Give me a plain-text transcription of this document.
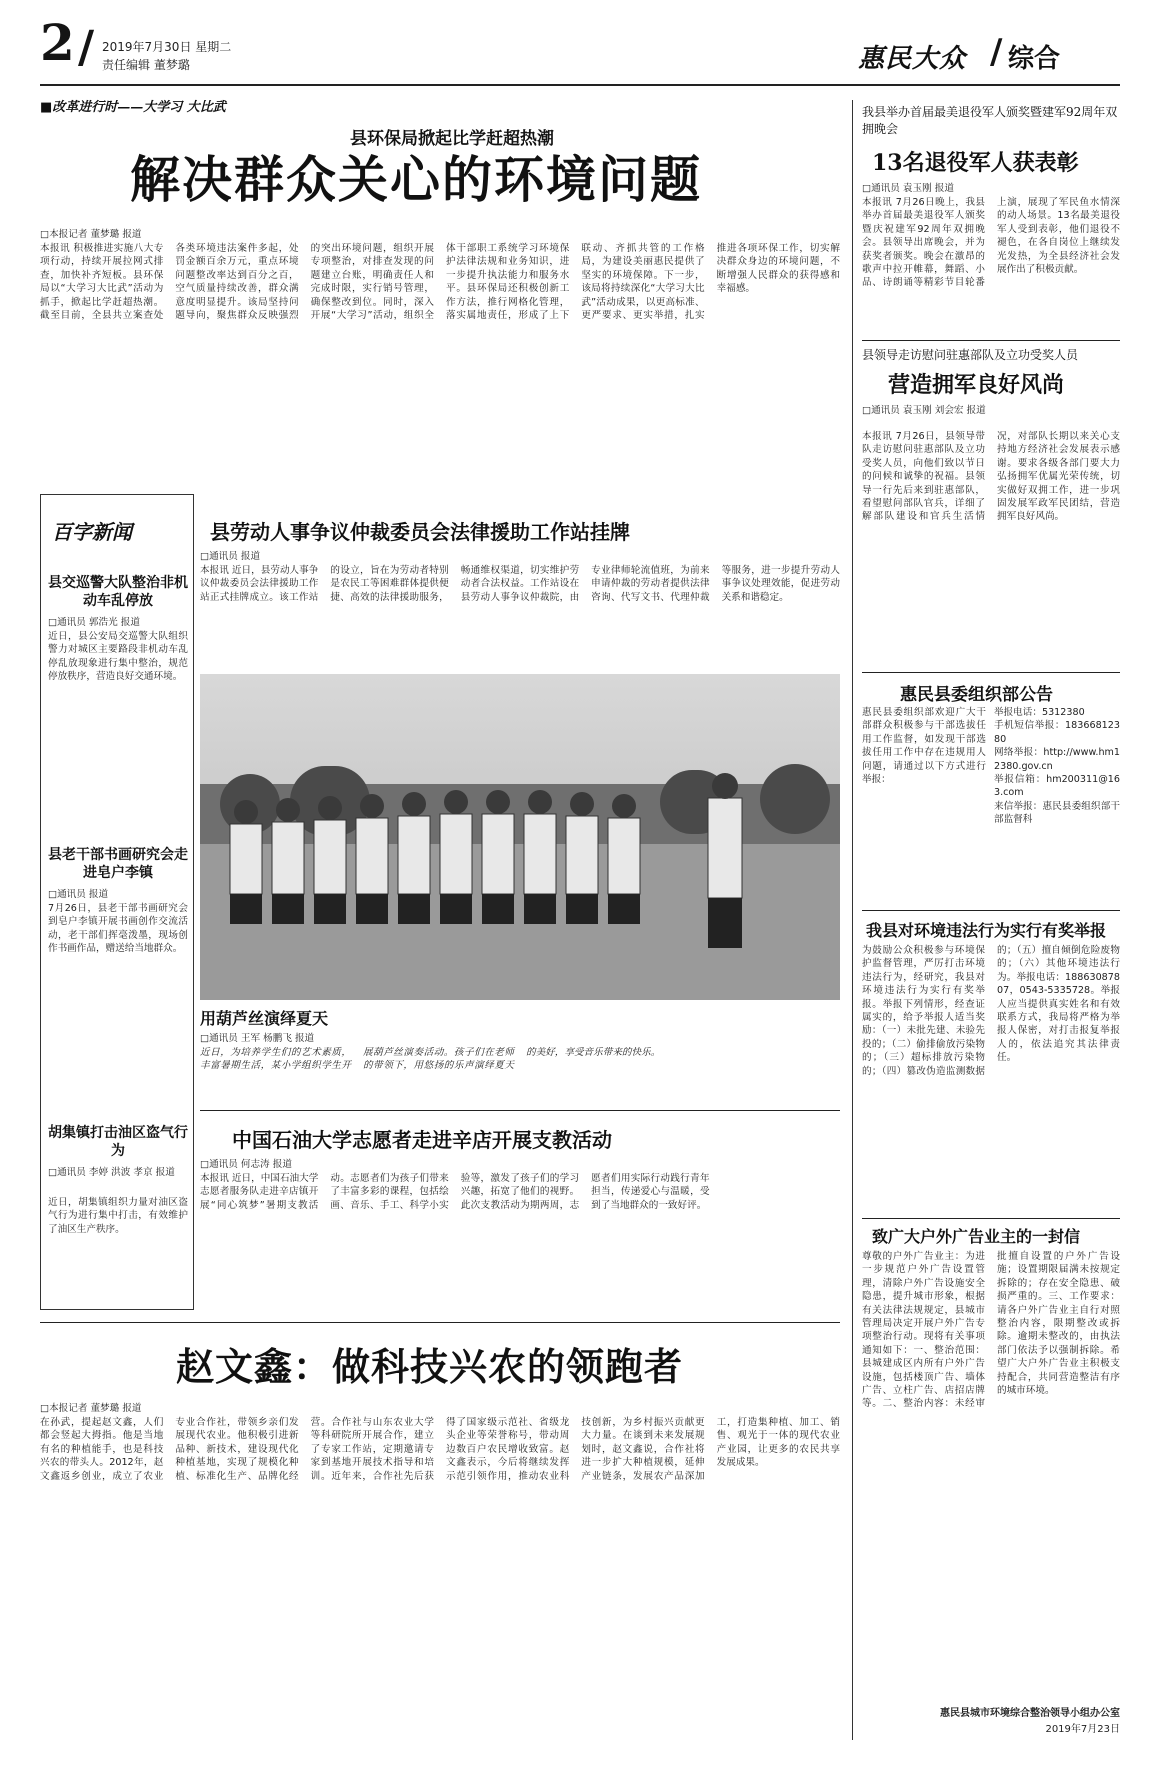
2 / 2019年7月30日 星期二
责任编辑 董梦璐	惠民大众 / 综合
■改革进行时——大学习 大比武
县环保局掀起比学赶超热潮
解决群众关心的环境问题
□本报记者 董梦璐 报道
本报讯 积极推进实施八大专项行动，持续开展拉网式排查，加快补齐短板。县环保局以“大学习大比武”活动为抓手，掀起比学赶超热潮。截至目前，全县共立案查处各类环境违法案件多起，处罚金额百余万元，重点环境问题整改率达到百分之百，空气质量持续改善，群众满意度明显提升。该局坚持问题导向，聚焦群众反映强烈的突出环境问题，组织开展专项整治，对排查发现的问题建立台账，明确责任人和完成时限，实行销号管理，确保整改到位。同时，深入开展“大学习”活动，组织全体干部职工系统学习环境保护法律法规和业务知识，进一步提升执法能力和服务水平。县环保局还积极创新工作方法，推行网格化管理，落实属地责任，形成了上下联动、齐抓共管的工作格局，为建设美丽惠民提供了坚实的环境保障。下一步，该局将持续深化“大学习大比武”活动成果，以更高标准、更严要求、更实举措，扎实推进各项环保工作，切实解决群众身边的环境问题，不断增强人民群众的获得感和幸福感。
我县举办首届最美退役军人颁奖暨建军92周年双拥晚会
13名退役军人获表彰
□通讯员 袁玉刚 报道
本报讯 7月26日晚上，我县举办首届最美退役军人颁奖暨庆祝建军92周年双拥晚会。县领导出席晚会，并为获奖者颁奖。晚会在激昂的歌声中拉开帷幕，舞蹈、小品、诗朗诵等精彩节目轮番上演，展现了军民鱼水情深的动人场景。13名最美退役军人受到表彰，他们退役不褪色，在各自岗位上继续发光发热，为全县经济社会发展作出了积极贡献。
县领导走访慰问驻惠部队及立功受奖人员
营造拥军良好风尚
□通讯员 袁玉刚 刘会宏 报道
本报讯 7月26日，县领导带队走访慰问驻惠部队及立功受奖人员，向他们致以节日的问候和诚挚的祝福。县领导一行先后来到驻惠部队，看望慰问部队官兵，详细了解部队建设和官兵生活情况，对部队长期以来关心支持地方经济社会发展表示感谢。要求各级各部门要大力弘扬拥军优属光荣传统，切实做好双拥工作，进一步巩固发展军政军民团结，营造拥军良好风尚。
惠民县委组织部公告
惠民县委组织部欢迎广大干部群众积极参与干部选拔任用工作监督，如发现干部选拔任用工作中存在违规用人问题，请通过以下方式进行举报：
举报电话：5312380
手机短信举报：18366812380
网络举报：http://www.hm12380.gov.cn
举报信箱：hm200311@163.com
来信举报：惠民县委组织部干部监督科
我县对环境违法行为实行有奖举报
为鼓励公众积极参与环境保护监督管理，严厉打击环境违法行为，经研究，我县对环境违法行为实行有奖举报。举报下列情形，经查证属实的，给予举报人适当奖励：（一）未批先建、未验先投的；（二）偷排偷放污染物的；（三）超标排放污染物的；（四）篡改伪造监测数据的；（五）擅自倾倒危险废物的；（六）其他环境违法行为。举报电话：18863087807，0543-5335728。举报人应当提供真实姓名和有效联系方式，我局将严格为举报人保密，对打击报复举报人的，依法追究其法律责任。
致广大户外广告业主的一封信
尊敬的户外广告业主：为进一步规范户外广告设置管理，清除户外广告设施安全隐患，提升城市形象，根据有关法律法规规定，县城市管理局决定开展户外广告专项整治行动。现将有关事项通知如下：一、整治范围：县城建成区内所有户外广告设施，包括楼顶广告、墙体广告、立柱广告、店招店牌等。二、整治内容：未经审批擅自设置的户外广告设施；设置期限届满未按规定拆除的；存在安全隐患、破损严重的。三、工作要求：请各户外广告业主自行对照整治内容，限期整改或拆除。逾期未整改的，由执法部门依法予以强制拆除。希望广大户外广告业主积极支持配合，共同营造整洁有序的城市环境。
惠民县城市环境综合整治领导小组办公室
2019年7月23日
百字新闻
县交巡警大队整治非机动车乱停放
□通讯员 郭浩光 报道
近日，县公安局交巡警大队组织警力对城区主要路段非机动车乱停乱放现象进行集中整治，规范停放秩序，营造良好交通环境。
县老干部书画研究会走进皂户李镇
□通讯员 报道
7月26日，县老干部书画研究会到皂户李镇开展书画创作交流活动，老干部们挥毫泼墨，现场创作书画作品，赠送给当地群众。
胡集镇打击油区盗气行为
□通讯员 李婷 洪波 孝京 报道
近日，胡集镇组织力量对油区盗气行为进行集中打击，有效维护了油区生产秩序。
县劳动人事争议仲裁委员会法律援助工作站挂牌
□通讯员 报道
本报讯 近日，县劳动人事争议仲裁委员会法律援助工作站正式挂牌成立。该工作站的设立，旨在为劳动者特别是农民工等困难群体提供便捷、高效的法律援助服务，畅通维权渠道，切实维护劳动者合法权益。工作站设在县劳动人事争议仲裁院，由专业律师轮流值班，为前来申请仲裁的劳动者提供法律咨询、代写文书、代理仲裁等服务，进一步提升劳动人事争议处理效能，促进劳动关系和谐稳定。
用葫芦丝演绎夏天
□通讯员 王军 杨鹏飞 报道
近日，为培养学生们的艺术素质，丰富暑期生活，某小学组织学生开展葫芦丝演奏活动。孩子们在老师的带领下，用悠扬的乐声演绎夏天的美好，享受音乐带来的快乐。
中国石油大学志愿者走进辛店开展支教活动
□通讯员 何志涛 报道
本报讯 近日，中国石油大学志愿者服务队走进辛店镇开展“同心筑梦”暑期支教活动。志愿者们为孩子们带来了丰富多彩的课程，包括绘画、音乐、手工、科学小实验等，激发了孩子们的学习兴趣，拓宽了他们的视野。此次支教活动为期两周，志愿者们用实际行动践行青年担当，传递爱心与温暖，受到了当地群众的一致好评。
赵文鑫：做科技兴农的领跑者
□本报记者 董梦璐 报道
在孙武，提起赵文鑫，人们都会竖起大拇指。他是当地有名的种植能手，也是科技兴农的带头人。2012年，赵文鑫返乡创业，成立了农业专业合作社，带领乡亲们发展现代农业。他积极引进新品种、新技术，建设现代化种植基地，实现了规模化种植、标准化生产、品牌化经营。合作社与山东农业大学等科研院所开展合作，建立了专家工作站，定期邀请专家到基地开展技术指导和培训。近年来，合作社先后获得了国家级示范社、省级龙头企业等荣誉称号，带动周边数百户农民增收致富。赵文鑫表示，今后将继续发挥示范引领作用，推动农业科技创新，为乡村振兴贡献更大力量。在谈到未来发展规划时，赵文鑫说，合作社将进一步扩大种植规模，延伸产业链条，发展农产品深加工，打造集种植、加工、销售、观光于一体的现代农业产业园，让更多的农民共享发展成果。
